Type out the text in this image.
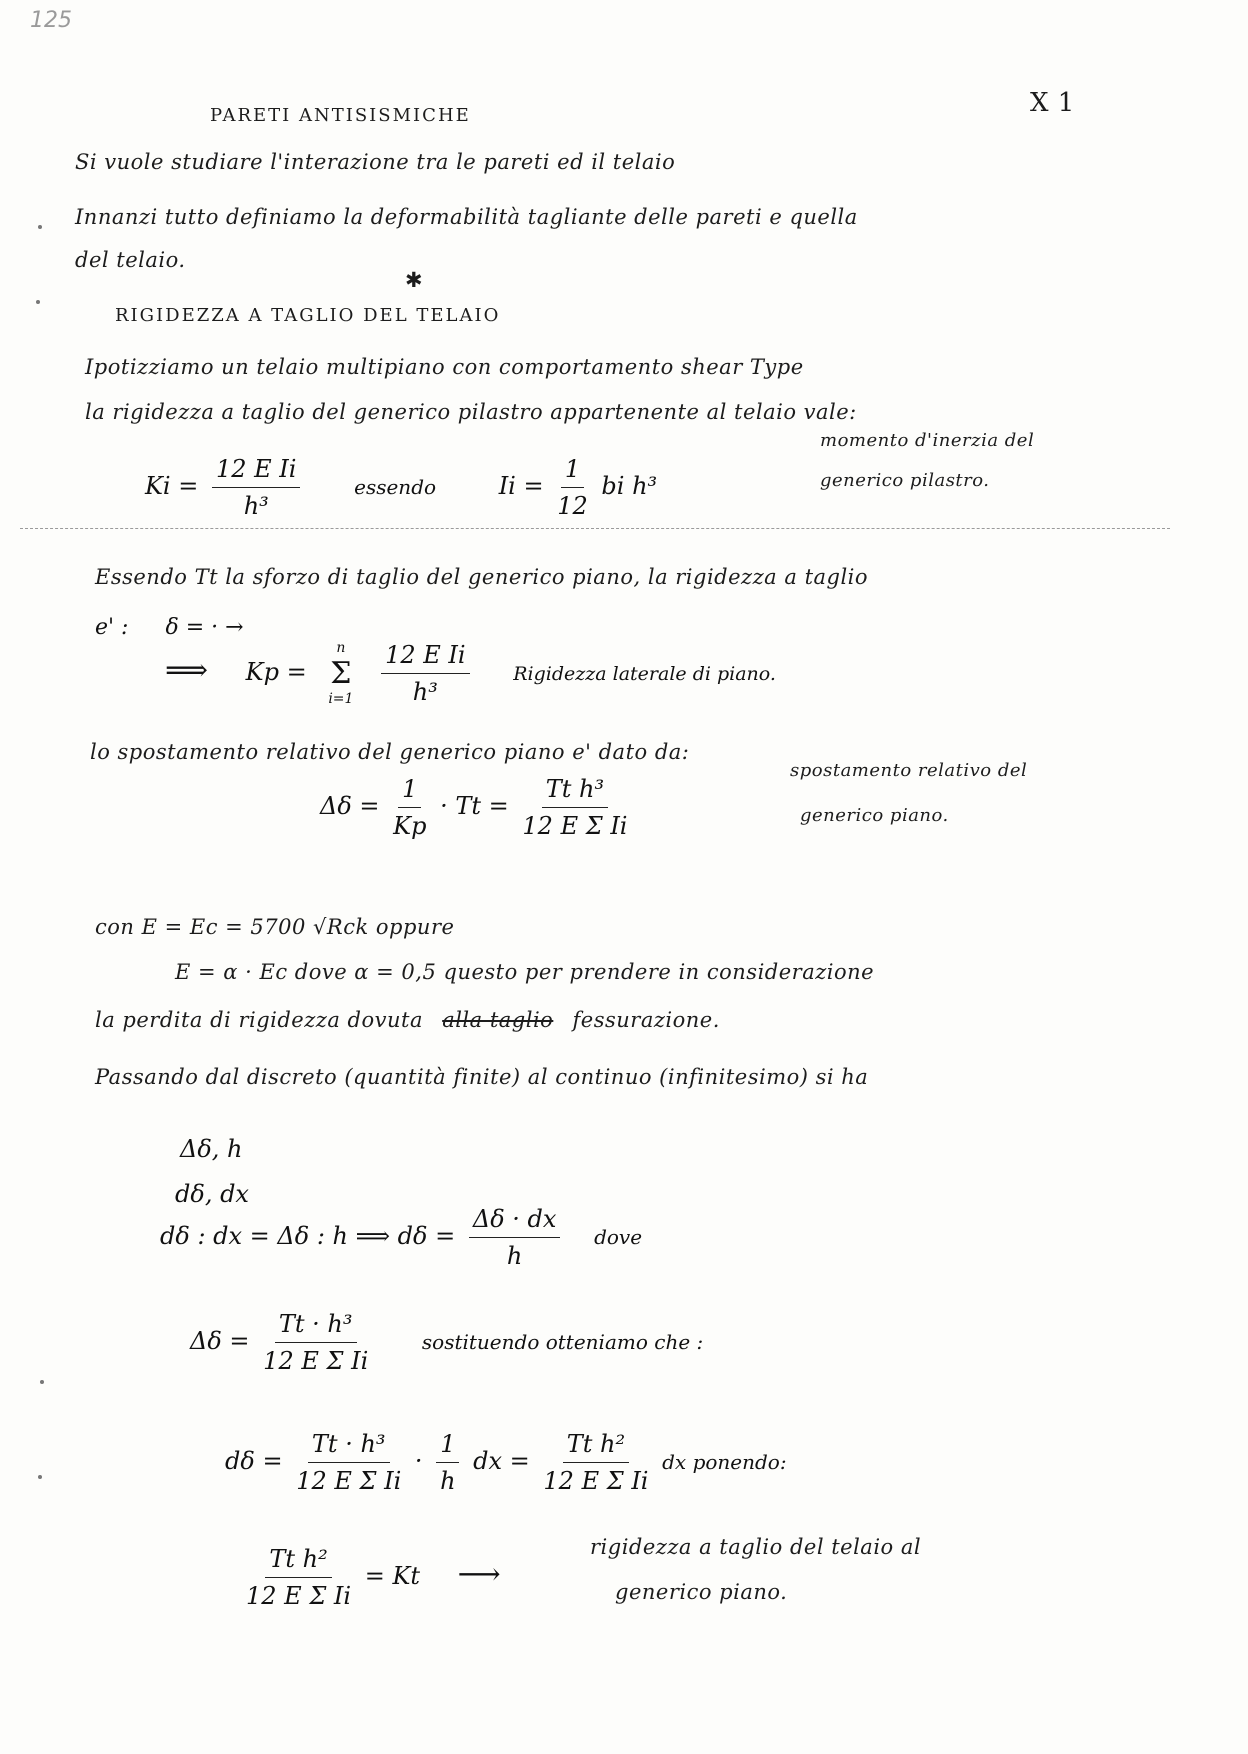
125
X 1
PARETI ANTISISMICHE
Si vuole studiare l'interazione tra le pareti ed il telaio
Innanzi tutto definiamo la deformabilità tagliante delle pareti e quella
del telaio.
✱
RIGIDEZZA A TAGLIO DEL TELAIO
Ipotizziamo un telaio multipiano con comportamento shear Type
la rigidezza a taglio del generico pilastro appartenente al telaio vale:
$Ki = \frac{\text{12 E Ii}}{\text{h³}}$	essendo	$Ii = \frac{1}{12}$ bi h³
momento d'inerzia del
generico pilastro.
Essendo Tt la sforzo di taglio del generico piano, la rigidezza a taglio
e' : δ = · →
⟹ Kp =
n
Σ
i=1
$\frac{\text{12 E Ii}}{\text{h³}}$ Rigidezza laterale di piano.
lo spostamento relativo del generico piano e' dato da:
$\Delta\delta = \frac{1}{Kp} \cdot Tt = \frac{\text{Tt h³}}{\text{12 E Σ Ii}}$
spostamento relativo del
generico piano.
con E = Ec = 5700 √Rck oppure
E = α · Ec dove α = 0,5 questo per prendere in considerazione
la perdita di rigidezza dovuta alla taglio fessurazione.
Passando dal discreto (quantità finite) al continuo (infinitesimo) si ha
Δδ, h
dδ, dx
dδ : dx = Δδ : h ⟹ $d\delta = \frac{\Delta\delta \cdot dx}{h}$ dove
$\Delta\delta = \frac{\text{Tt · h³}}{\text{12 E Σ Ii}}$	sostituendo otteniamo che :
$d\delta = \frac{\text{Tt · h³}}{\text{12 E Σ Ii}} \cdot \frac{1}{h}$ dx = $\frac{\text{Tt h²}}{\text{12 E Σ Ii}}$ dx ponendo:
$\frac{\text{Tt h²}}{\text{12 E Σ Ii}} = Kt$ ⟶
rigidezza a taglio del telaio al
generico piano.
